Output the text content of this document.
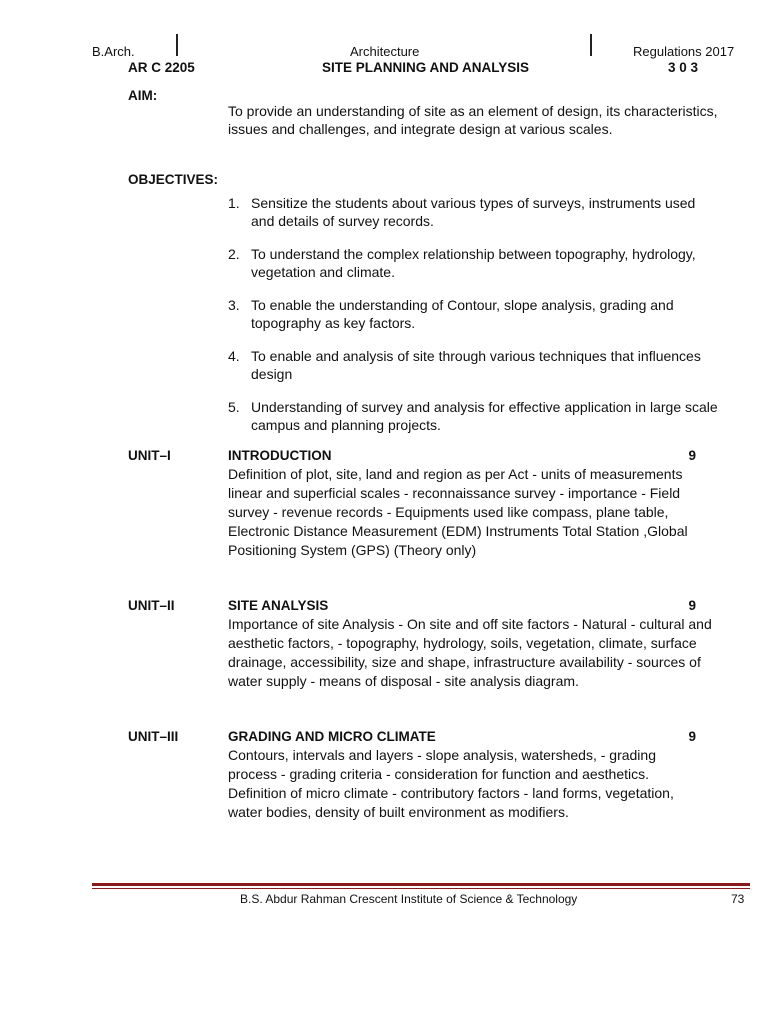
B.Arch.	Architecture	Regulations 2017
AR C 2205	SITE PLANNING AND ANALYSIS	3 0 3
AIM:
To provide an understanding of site as an element of design, its characteristics, issues and challenges, and integrate design at various scales.
OBJECTIVES:
1. Sensitize the students about various types of surveys, instruments used and details of survey records.
2. To understand the complex relationship between topography, hydrology, vegetation and climate.
3. To enable the understanding of Contour, slope analysis, grading and topography as key factors.
4. To enable and analysis of site through various techniques that influences design
5. Understanding of survey and analysis for effective application in large scale campus and planning projects.
UNIT–I	INTRODUCTION	9
Definition of plot, site, land and region as per Act - units of measurements linear and superficial scales - reconnaissance survey - importance - Field survey - revenue records - Equipments used like compass, plane table, Electronic Distance Measurement (EDM) Instruments Total Station ,Global Positioning System (GPS) (Theory only)
UNIT–II	SITE ANALYSIS	9
Importance of site Analysis - On site and off site factors - Natural - cultural and aesthetic factors, - topography, hydrology, soils, vegetation, climate, surface drainage, accessibility, size and shape, infrastructure availability - sources of water supply - means of disposal - site analysis diagram.
UNIT–III	GRADING AND MICRO CLIMATE	9
Contours, intervals and layers - slope analysis, watersheds, - grading process - grading criteria - consideration for function and aesthetics. Definition of micro climate - contributory factors - land forms, vegetation, water bodies, density of built environment as modifiers.
B.S. Abdur Rahman Crescent Institute of Science & Technology	73
